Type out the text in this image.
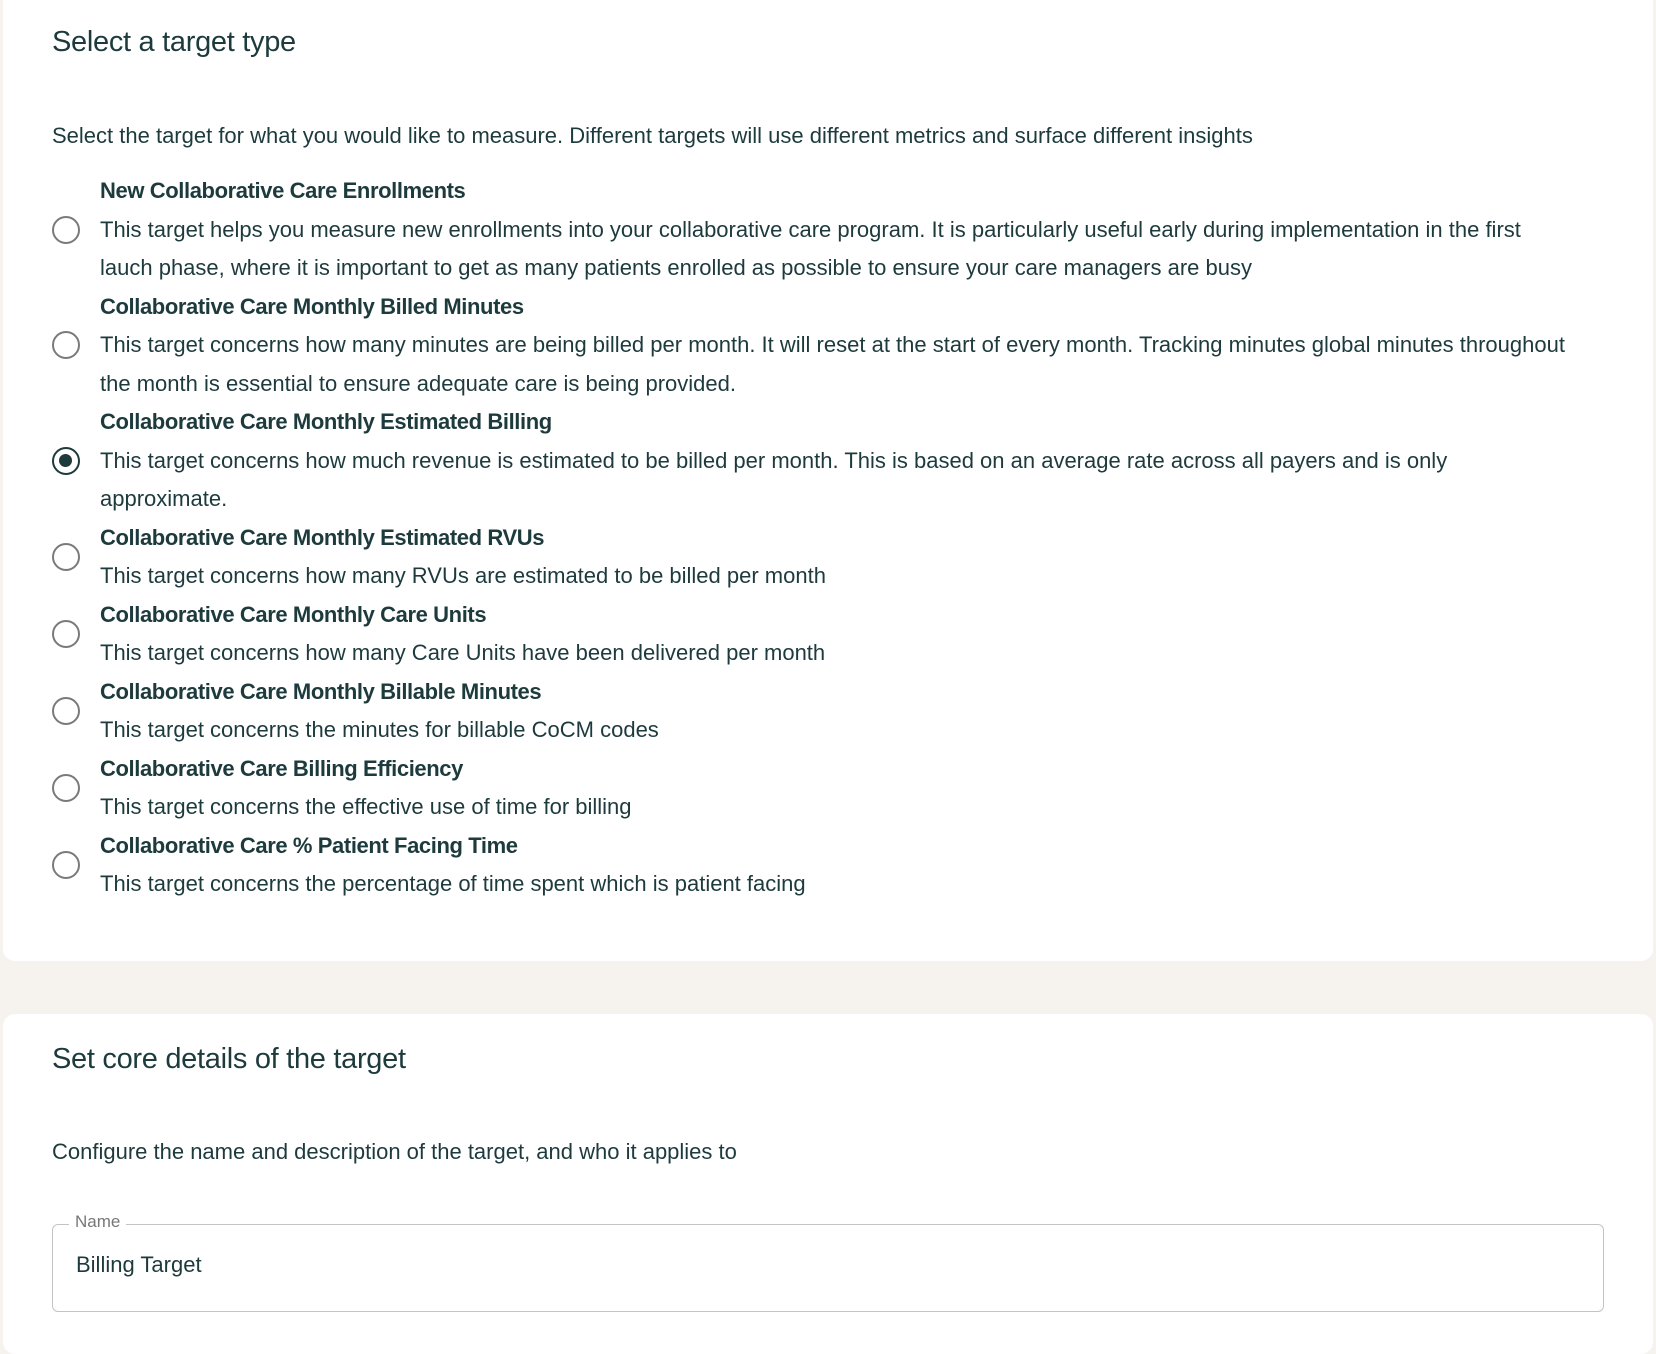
Select a target type

Select the target for what you would like to measure. Different targets will use different metrics and surface different insights

New Collaborative Care Enrollments
This target helps you measure new enrollments into your collaborative care program. It is particularly useful early during implementation in the first lauch phase, where it is important to get as many patients enrolled as possible to ensure your care managers are busy
Collaborative Care Monthly Billed Minutes
This target concerns how many minutes are being billed per month. It will reset at the start of every month. Tracking minutes global minutes throughout the month is essential to ensure adequate care is being provided.
Collaborative Care Monthly Estimated Billing
This target concerns how much revenue is estimated to be billed per month. This is based on an average rate across all payers and is only approximate.
Collaborative Care Monthly Estimated RVUs
This target concerns how many RVUs are estimated to be billed per month
Collaborative Care Monthly Care Units
This target concerns how many Care Units have been delivered per month
Collaborative Care Monthly Billable Minutes
This target concerns the minutes for billable CoCM codes
Collaborative Care Billing Efficiency
This target concerns the effective use of time for billing
Collaborative Care % Patient Facing Time
This target concerns the percentage of time spent which is patient facing
Set core details of the target

Configure the name and description of the target, and who it applies to

Name
Billing Target
